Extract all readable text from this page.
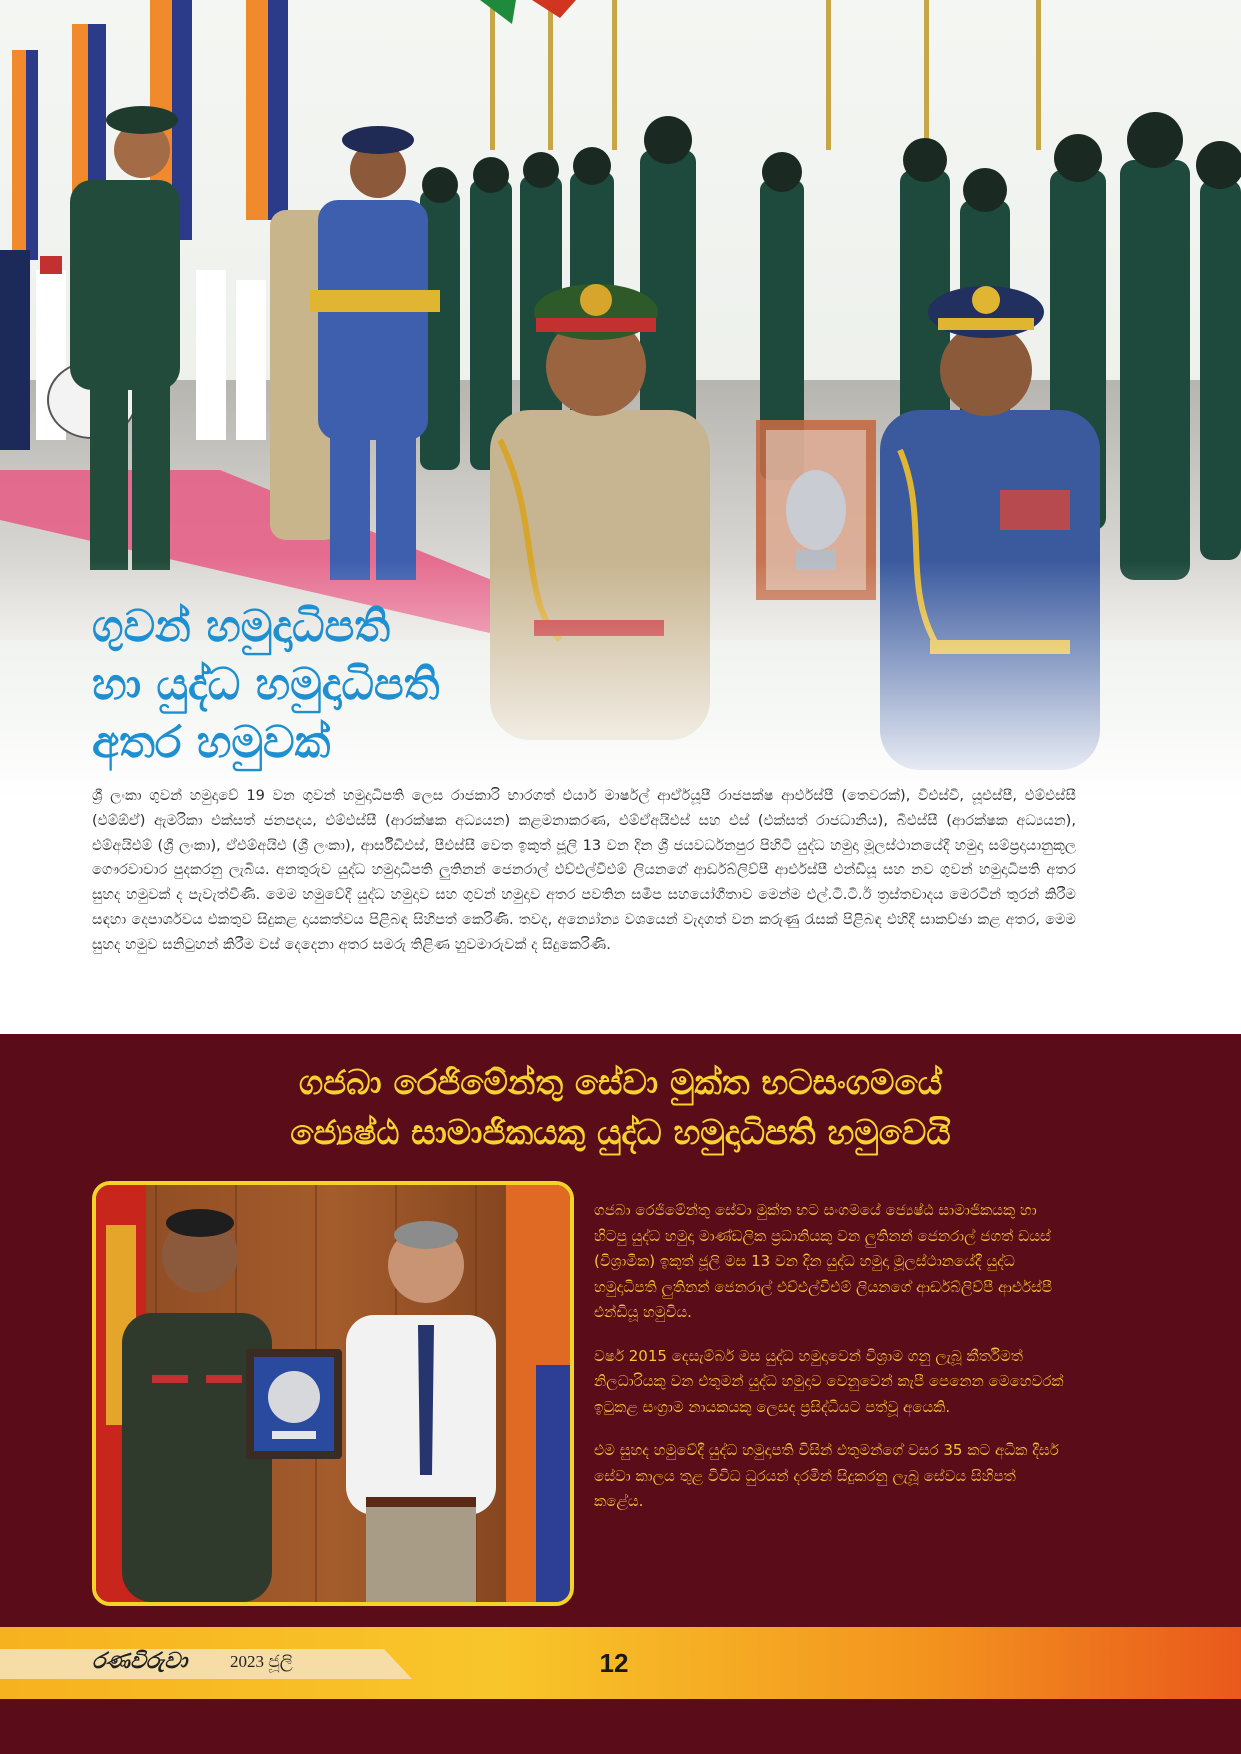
ගුවන් හමුදාධිපති
හා යුද්ධ හමුදාධිපති
අතර හමුවක්

ශ්‍රී ලංකා ගුවන් හමුදාවේ 19 වන ගුවන් හමුදාධිපති ලෙස රාජකාරි භාරගත් එයාර් මාර්ෂල් ආර්ඒයූපී රාජපක්ෂ ආර්එස්පී (තෙවරක්), වීඑස්වී, යූඑස්පී, එම්එස්සී (එම්ඕඒ) ඇමරිකා එක්සත් ජනපදය, එම්එස්සී (ආරක්ෂක අධ්‍යයන) කළමනාකරණ, එම්ඒඅයිඑස් සහ එස් (එක්සත් රාජධානිය), බීඑස්සී (ආරක්ෂක අධ්‍යයන), එම්අයිඑම් (ශ්‍රී ලංකා), ඒඑම්අයිඑ (ශ්‍රී ලංකා), ආර්සීඩීඑස්, පීඑස්සී වෙත ඉකුත් ජූලි 13 වන දින ශ්‍රී ජයවර්ධනපුර පිහිටි යුද්ධ හමුදා මූලස්ථානයේදී හමුදා සම්ප්‍රදායානුකූල ගෞරවාචාර පුදකරනු ලැබිය. අනතුරුව යුද්ධ හමුදාධිපති ලුතිනන් ජෙනරාල් එච්එල්වීඑම් ලියනගේ ආර්ඩබ්ලිව්පී ආර්එස්පී එන්ඩියූ සහ නව ගුවන් හමුදාධිපති අතර සුහද හමුවක් ද පැවැත්විණි. මෙම හමුවේදී යුද්ධ හමුදාව සහ ගුවන් හමුදාව අතර පවතින සමීප සහයෝගීතාව මෙන්ම එල්.ටී.ටී.ඊ ත්‍රස්තවාදය මෙරටින් තුරන් කිරීම සඳහා දෙපාර්ශවය එකතුව සිදුකළ දායකත්වය පිළිබඳ සිහිපත් කෙරිණි. තවද, අන්‍යෝන්‍ය වශයෙන් වැදගත් වන කරුණු රැසක් පිළිබඳ එහිදී සාකච්ඡා කළ අතර, මෙම සුහද හමුව සනිටුහන් කිරීම වස් දෙදෙනා අතර සමරු තිළිණ හුවමාරුවක් ද සිදුකෙරිණි.

ගජබා රෙජිමේන්තු සේවා මුක්ත භටසංගමයේ
ජ්‍යෙෂ්ඨ සාමාජිකයකු යුද්ධ හමුදාධිපති හමුවෙයි

ගජබා රෙජිමේන්තු සේවා මුක්ත භට සංගමයේ ජ්‍යෙෂ්ඨ සාමාජිකයකු හා හිටපු යුද්ධ හමුදා මාණ්ඩලික ප්‍රධානියකු වන ලුතිනන් ජෙනරාල් ජගත් ඩයස් (විශ්‍රාමික) ඉකුත් ජූලි මස 13 වන දින යුද්ධ හමුදා මූලස්ථානයේදී යුද්ධ හමුදාධිපති ලුතිනන් ජෙනරාල් එච්එල්වීඑම් ලියනගේ ආර්ඩබ්ලිව්පී ආර්එස්පී එන්ඩියූ හමුවිය.

වර්ෂ 2015 දෙසැම්බර් මස යුද්ධ හමුදාවෙන් විශ්‍රාම ගනු ලැබූ කීර්තිමත් නිලධාරියකු වන එතුමන් යුද්ධ හමුදාව වෙනුවෙන් කැපී පෙනෙන මෙහෙවරක් ඉටුකළ සංග්‍රාම නායකයකු ලෙසද ප්‍රසිද්ධියට පත්වූ අයෙකි.

එම සුහද හමුවේදී යුද්ධ හමුදාපති විසින් එතුමන්ගේ වසර 35 කට අධික දීර්ඝ සේවා කාලය තුළ විවිධ ධුරයන් දරමින් සිදුකරනු ලැබූ සේවය සිහිපත් කළේය.

රණවිරුවා	2023 ජූලි	12
